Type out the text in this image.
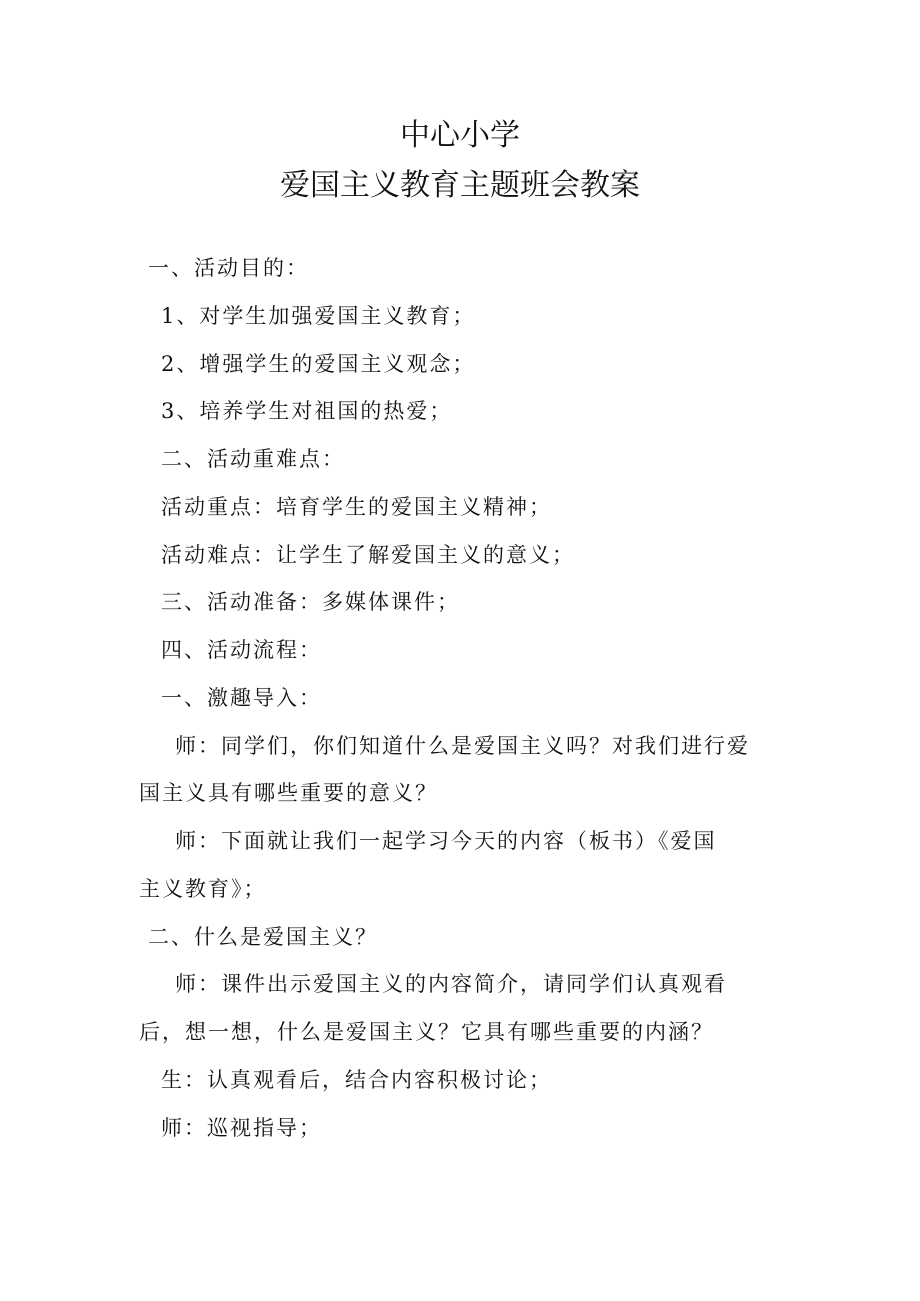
中心小学
爱国主义教育主题班会教案
一、活动目的：
1、对学生加强爱国主义教育；
2、增强学生的爱国主义观念；
3、培养学生对祖国的热爱；
二、活动重难点：
活动重点：培育学生的爱国主义精神；
活动难点：让学生了解爱国主义的意义；
三、活动准备：多媒体课件；
四、活动流程：
一、激趣导入：
师：同学们，你们知道什么是爱国主义吗？对我们进行爱
国主义具有哪些重要的意义？
师：下面就让我们一起学习今天的内容（板书）《爱国
主义教育》；
二、什么是爱国主义？
师：课件出示爱国主义的内容简介，请同学们认真观看
后，想一想，什么是爱国主义？它具有哪些重要的内涵？
生：认真观看后，结合内容积极讨论；
师：巡视指导；
